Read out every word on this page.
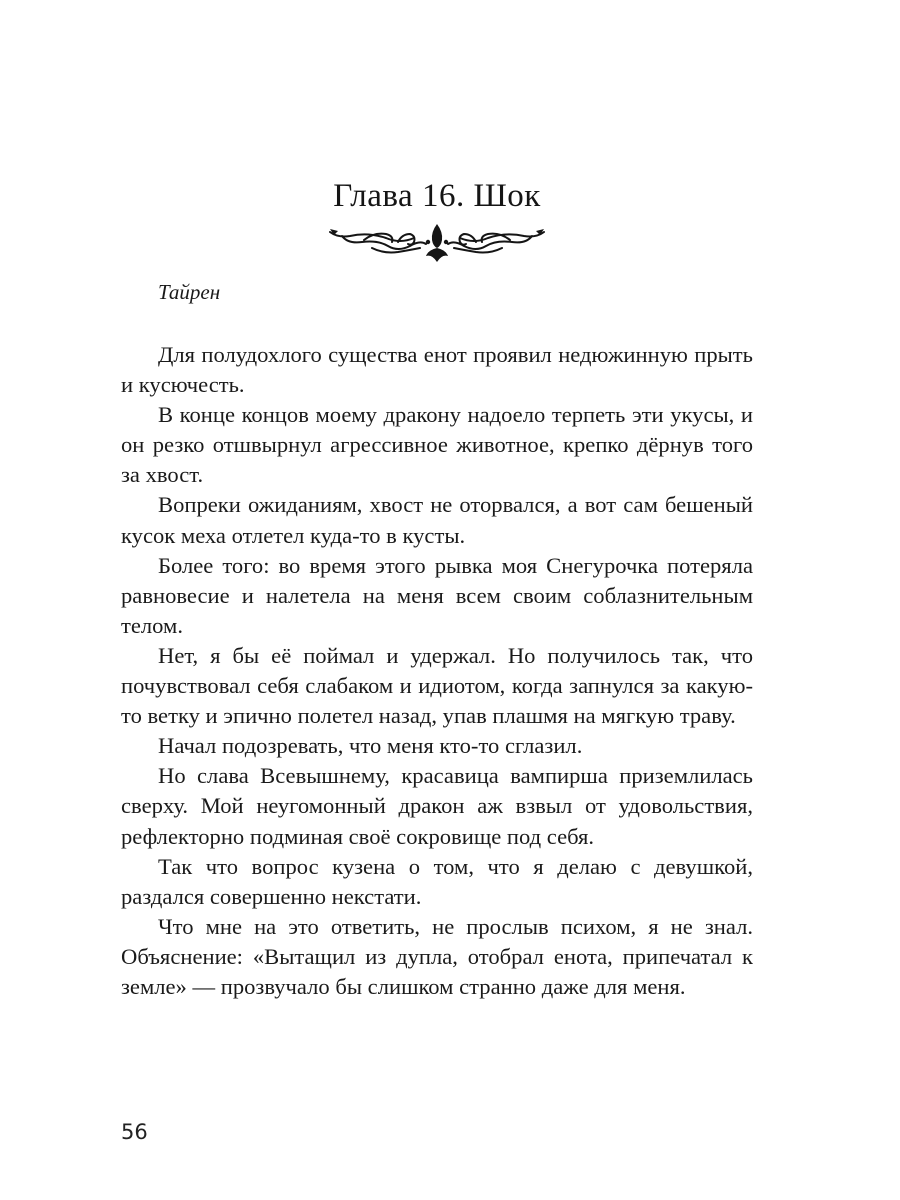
Глава 16. Шок
Тайрен

Для полудохлого существа енот проявил недюжинную прыть и кусючесть.

В конце концов моему дракону надоело терпеть эти укусы, и он резко отшвырнул агрессивное животное, крепко дёрнув того за хвост.

Вопреки ожиданиям, хвост не оторвался, а вот сам бешеный кусок меха отлетел куда-то в кусты.

Более того: во время этого рывка моя Снегурочка потеряла равновесие и налетела на меня всем своим соблазнительным телом.

Нет, я бы её поймал и удержал. Но получилось так, что почувствовал себя слабаком и идиотом, когда запнулся за какую-то ветку и эпично полетел назад, упав плашмя на мягкую траву.

Начал подозревать, что меня кто-то сглазил.

Но слава Всевышнему, красавица вампирша приземлилась сверху. Мой неугомонный дракон аж взвыл от удовольствия, рефлекторно подминая своё сокровище под себя.

Так что вопрос кузена о том, что я делаю с девушкой, раздался совершенно некстати.

Что мне на это ответить, не прослыв психом, я не знал. Объяснение: «Вытащил из дупла, отобрал енота, припечатал к земле» — прозвучало бы слишком странно даже для меня.

56
